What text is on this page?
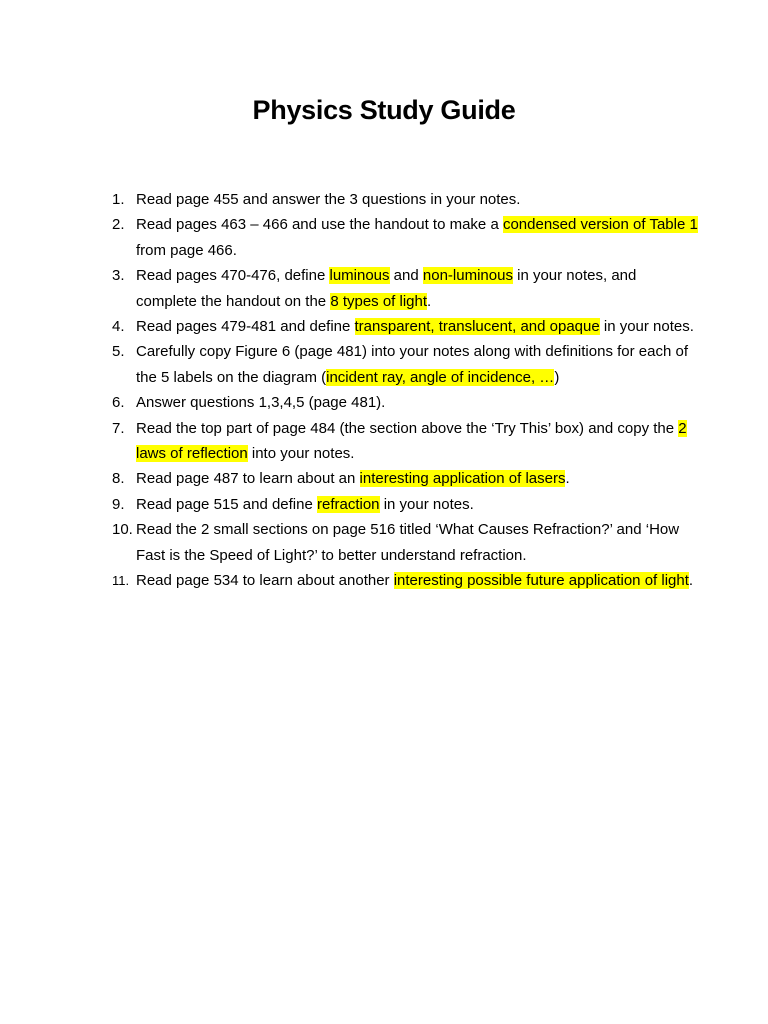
Physics Study Guide
1. Read page 455 and answer the 3 questions in your notes.
2. Read pages 463 – 466 and use the handout to make a condensed version of Table 1 from page 466.
3. Read pages 470-476, define luminous and non-luminous in your notes, and complete the handout on the 8 types of light.
4. Read pages 479-481 and define transparent, translucent, and opaque in your notes.
5. Carefully copy Figure 6 (page 481) into your notes along with definitions for each of the 5 labels on the diagram (incident ray, angle of incidence, …)
6. Answer questions 1,3,4,5 (page 481).
7. Read the top part of page 484 (the section above the ‘Try This’ box) and copy the 2 laws of reflection into your notes.
8. Read page 487 to learn about an interesting application of lasers.
9. Read page 515 and define refraction in your notes.
10. Read the 2 small sections on page 516 titled ‘What Causes Refraction?’ and ‘How Fast is the Speed of Light?’ to better understand refraction.
11. Read page 534 to learn about another interesting possible future application of light.
